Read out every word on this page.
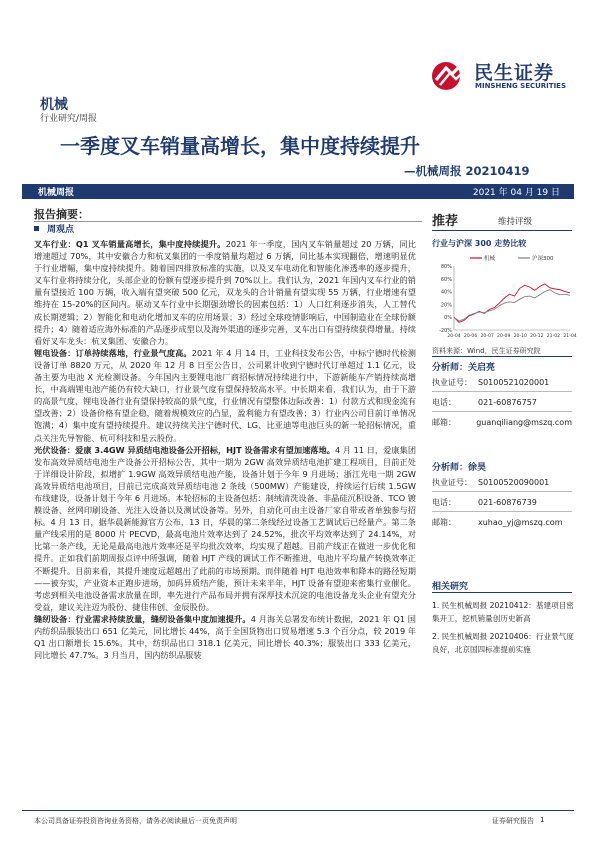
民生证券
MINSHENG SECURITIES
机械
行业研究/周报
一季度叉车销量高增长，集中度持续提升
—机械周报 20210419
机械周报	2021 年 04 月 19 日
报告摘要：
周观点

叉车行业：Q1 叉车销量高增长，集中度持续提升。2021 年一季度，国内叉车销量超过 20 万辆，同比增速超过 70%，其中安徽合力和杭叉集团的一季度销量均超过 6 万辆，同比基本实现翻倍，增速明显优于行业增幅，集中度持续提升。随着国四排放标准的实施，以及叉车电动化和智能化渗透率的逐步提升，叉车行业将持续分化，头部企业的份额有望逐步提升到 70%以上。我们认为，2021 年国内叉车行业的销量有望接近 100 万辆，收入端有望突破 500 亿元，双龙头的合计销量有望实现 55 万辆，行业增速有望维持在 15-20%的区间内。驱动叉车行业中长期强劲增长的因素包括：1）人口红利逐步消失，人工替代成长期逻辑；2）智能化和电动化增加叉车的应用场景；3）经过全球疫情影响后，中国制造业在全球份额提升；4）随着适应海外标准的产品逐步成型以及海外渠道的逐步完善，叉车出口有望持续获得增量。持续看好叉车龙头：杭叉集团、安徽合力。

锂电设备：订单持续落地，行业景气度高。2021 年 4 月 14 日，工业科技发布公告，中标宁德时代检测设备订单 8820 万元，从 2020 年 12 月 8 日至公告日，公司累计收到宁德时代订单超过 1.1 亿元，设备主要为电池 X 光检测设备。今年国内主要锂电池厂商招标情况持续进行中，下游新能车产销持续高增长，中高端锂电池产能仍有较大缺口，行业景气度有望保持较高水平。中长期来看，我们认为，由于下游的高景气度，锂电设备行业有望保持较高的景气度，行业情况有望整体边际改善：1）付款方式和现金流有望改善；2）设备价格有望企稳，随着规模效应的凸显，盈利能力有望改善；3）行业内公司目前订单情况饱满；4）集中度有望持续提升。建议持续关注宁德时代、LG、比亚迪等电池巨头的新一轮招标情况，重点关注先导智能、杭可科技和星云股份。

光伏设备：爱康 3.4GW 异质结电池设备公开招标，HJT 设备需求有望加速落地。4 月 11 日，爱康集团发布高效异质结电池生产设备公开招标公告，其中一期为 2GW 高效异质结电池扩建工程项目，目前正处于详细设计阶段，拟增扩 1.9GW 高效异质结电池产能，设备计划于今年 9 月进场；浙江光电一期 2GW 高效异质结电池项目，目前已完成高效异质结电池 2 条线（500MW）产能建设，持续运行后续 1.5GW 布线建设，设备计划于今年 6 月进场。本轮招标的主设备包括：制绒清洗设备、非晶硅沉积设备、TCO 镀膜设备、丝网印刷设备、光注入设备以及测试设备等。另外，自动化可由主设备厂家自带或者单独参与招标。4 月 13 日，据华晨新能源官方公布，13 日，华晨的第二条线经过设备工艺调试后已经量产。第二条量产线采用的是 8000 片 PECVD，最高电池片效率达到了 24.52%，批次平均效率达到了 24.14%，对比第一条产线，无论是最高电池片效率还是平均批次效率，均实现了超越。目前产线正在做进一步优化和提升。正如我们前期周报点评中所强调，随着 HJT 产线的调试工作不断推进，电池片平均量产转换效率正不断提升。目前来看，其提升速度远超越出了此前的市场预期。而伴随着 HJT 电池效率和降本的路径短期——被夯实，产业资本正跑步进场，加码异质结产能，预计未来半年，HJT 设备有望迎来密集行业催化。考虑到相关电池设备需求放量在即，率先进行产品布局并拥有深厚技术沉淀的电池设备龙头企业有望充分受益，建议关注迈为股份、捷佳伟创、金辰股份。

缝纫设备：行业需求持续放量，缝纫设备集中度加速提升。4 月海关总署发布统计数据，2021 年 Q1 国内纺织品服装出口 651 亿美元，同比增长 44%，高于全国货物出口贸易增速 5.3 个百分点，较 2019 年 Q1 出口额增长 15.6%。其中，纺织品出口 318.1 亿美元，同比增长 40.3%；服装出口 333 亿美元，同比增长 47.7%。3 月当月，国内纺织品服装

推荐	维持评级
行业与沪深 300 走势比较
-20%
0%
20%
40%
60%
80%
20-04 20-06 20-07 20-09 20-10 20-12 21-02 21-04
机械	沪深300
资料来源：Wind，民生证券研究院
分析师：关启亮
执业证号： S0100521020001
电话：	021-60876757
邮箱：	guanqiliang@mszq.com
分析师：徐昊
执业证号： S0100520090001
电话：	021-60876739
邮箱：	xuhao_yj@mszq.com
相关研究

1. 民生机械周报 20210412：基建项目密集开工，挖机销量创历史新高

2. 民生机械周报 20210406：行业景气度良好，北京国四标准提前实施

本公司具备证券投资咨询业务资格，请务必阅读最后一页免责声明	证券研究报告 1
